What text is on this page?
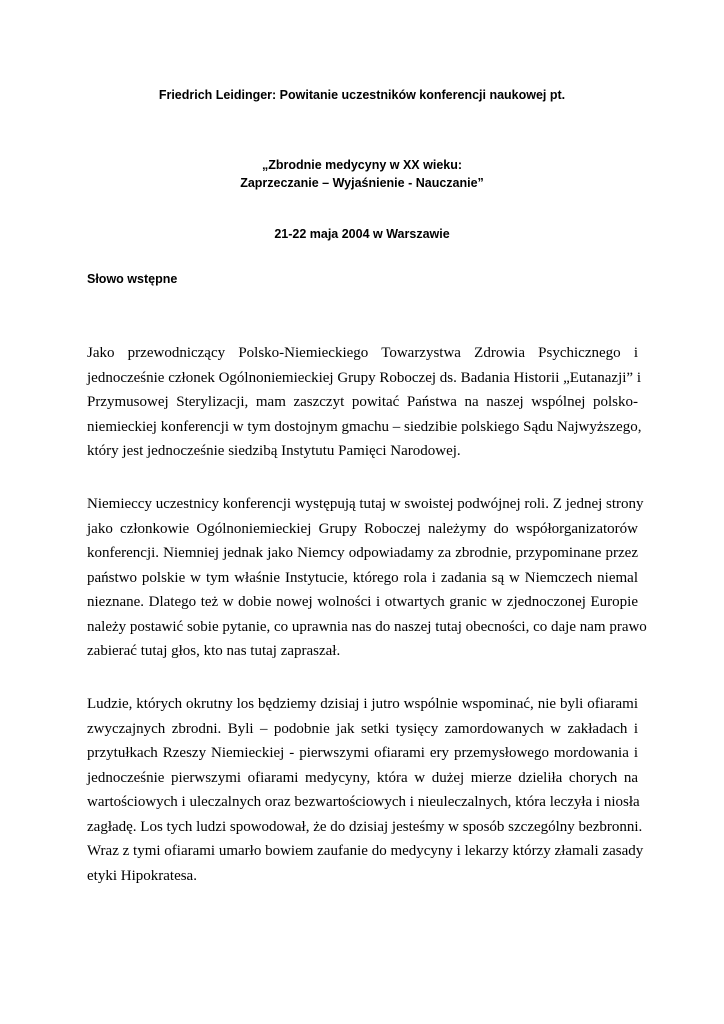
Friedrich Leidinger: Powitanie uczestników konferencji naukowej pt.

„Zbrodnie medycyny w XX wieku:
Zaprzeczanie – Wyjaśnienie - Nauczanie”

21-22 maja 2004 w Warszawie

Słowo wstępne

Jako przewodniczący Polsko-Niemieckiego Towarzystwa Zdrowia Psychicznego i
jednocześnie członek Ogólnoniemieckiej Grupy Roboczej ds. Badania Historii „Eutanazji” i
Przymusowej Sterylizacji, mam zaszczyt powitać Państwa na naszej wspólnej polsko-
niemieckiej konferencji w tym dostojnym gmachu – siedzibie polskiego Sądu Najwyższego,
który jest jednocześnie siedzibą Instytutu Pamięci Narodowej.
Niemieccy uczestnicy konferencji występują tutaj w swoistej podwójnej roli. Z jednej strony
jako członkowie Ogólnoniemieckiej Grupy Roboczej należymy do współorganizatorów
konferencji. Niemniej jednak jako Niemcy odpowiadamy za zbrodnie, przypominane przez
państwo polskie w tym właśnie Instytucie, którego rola i zadania są w Niemczech niemal
nieznane. Dlatego też w dobie nowej wolności i otwartych granic w zjednoczonej Europie
należy postawić sobie pytanie, co uprawnia nas do naszej tutaj obecności, co daje nam prawo
zabierać tutaj głos, kto nas tutaj zapraszał.
Ludzie, których okrutny los będziemy dzisiaj i jutro wspólnie wspominać, nie byli ofiarami
zwyczajnych zbrodni. Byli – podobnie jak setki tysięcy zamordowanych w zakładach i
przytułkach Rzeszy Niemieckiej - pierwszymi ofiarami ery przemysłowego mordowania i
jednocześnie pierwszymi ofiarami medycyny, która w dużej mierze dzieliła chorych na
wartościowych i uleczalnych oraz bezwartościowych i nieuleczalnych, która leczyła i niosła
zagładę. Los tych ludzi spowodował, że do dzisiaj jesteśmy w sposób szczególny bezbronni.
Wraz z tymi ofiarami umarło bowiem zaufanie do medycyny i lekarzy którzy złamali zasady
etyki Hipokratesa.
